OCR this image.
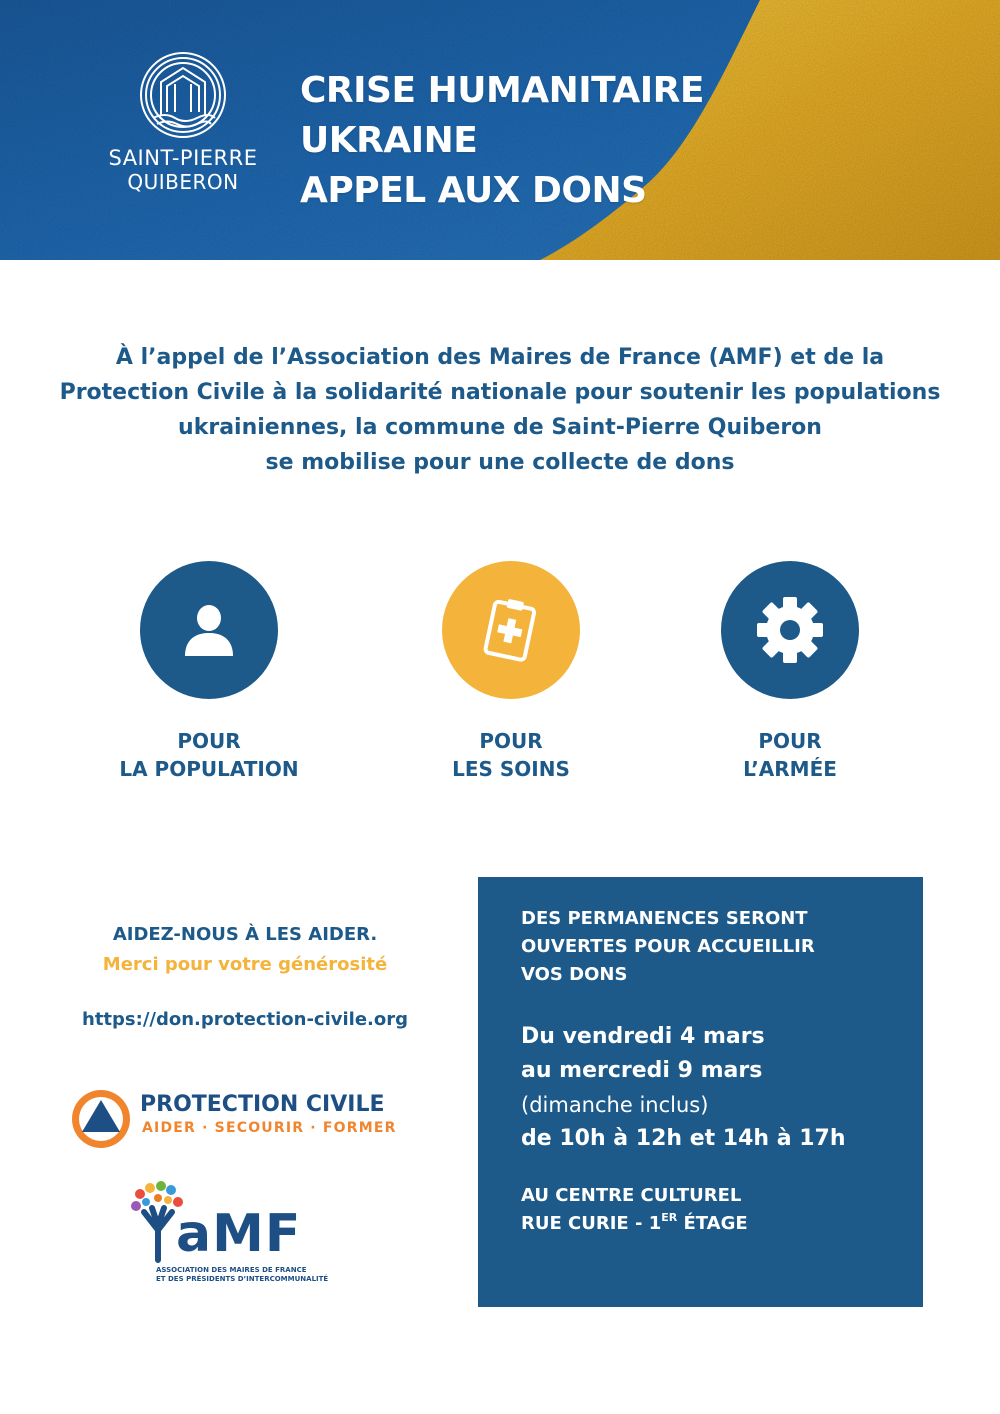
SAINT-PIERRE
QUIBERON
CRISE HUMANITAIRE
UKRAINE
APPEL AUX DONS
À l’appel de l’Association des Maires de France (AMF) et de la
Protection Civile à la solidarité nationale pour soutenir les populations
ukrainiennes, la commune de Saint-Pierre Quiberon
se mobilise pour une collecte de dons
POUR
LA POPULATION
POUR
LES SOINS
POUR
L’ARMÉE
AIDEZ-NOUS À LES AIDER.
Merci pour votre générosité
https://don.protection-civile.org
PROTECTION CIVILE
AIDER · SECOURIR · FORMER
aMF
ASSOCIATION DES MAIRES DE FRANCE
ET DES PRÉSIDENTS D’INTERCOMMUNALITÉ
DES PERMANENCES SERONT
OUVERTES POUR ACCUEILLIR
VOS DONS
Du vendredi 4 mars
au mercredi 9 mars
(dimanche inclus)
de 10h à 12h et 14h à 17h
AU CENTRE CULTUREL
RUE CURIE - 1ER ÉTAGE
